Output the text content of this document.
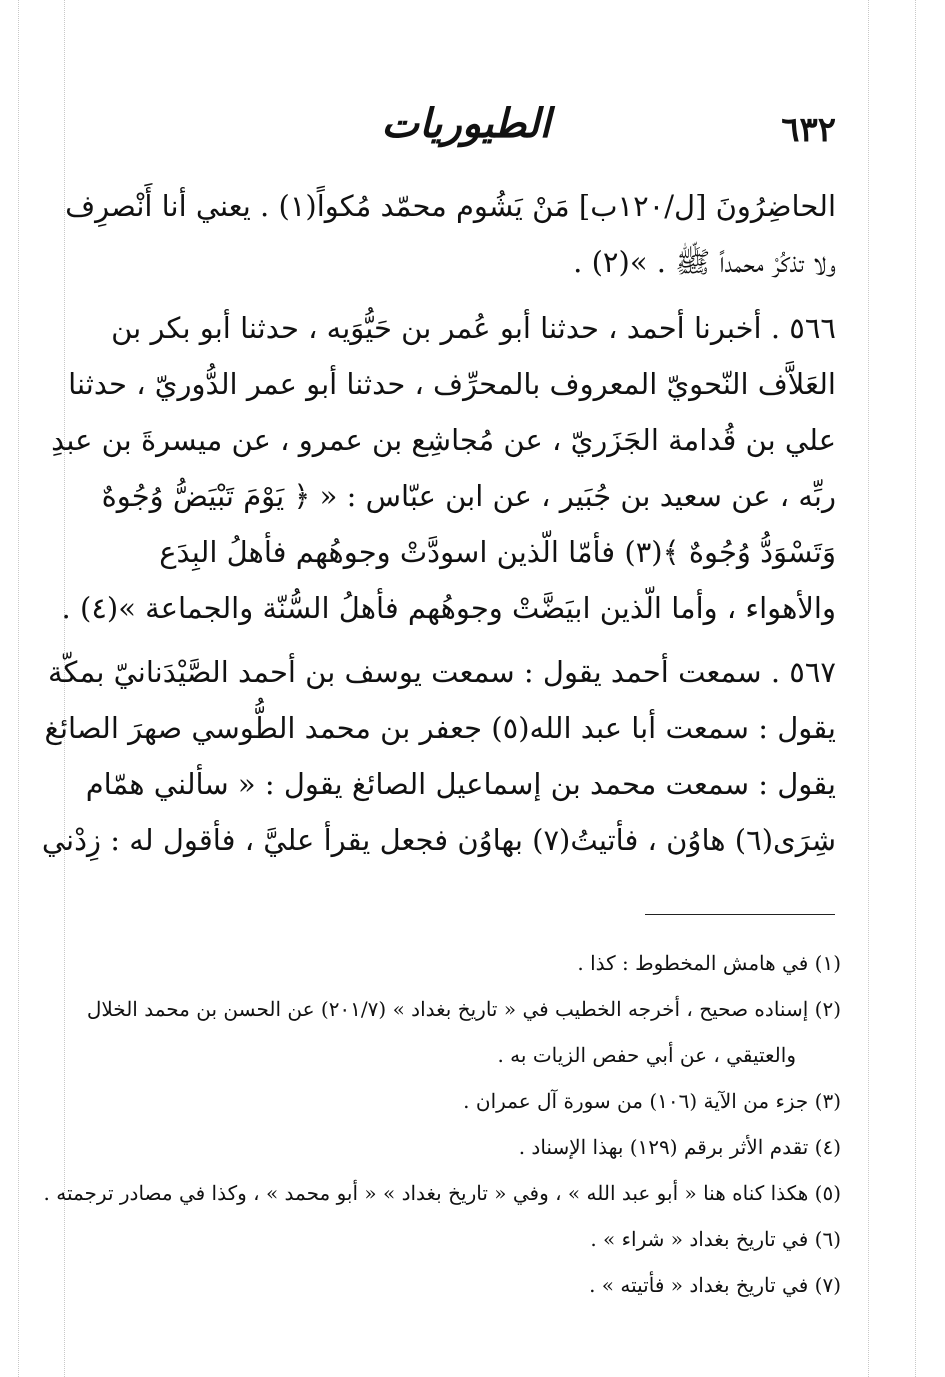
الطيوريات	٦٣٢
الحاضِرُونَ [ل/١٢٠ب] مَنْ يَشُوم محمّد مُكواً(١) . يعني أنا أَنْصرِف
ولا تذكُرْ محمداً ﷺ . »(٢) .
٥٦٦ . أخبرنا أحمد ، حدثنا أبو عُمر بن حَيُّوَيه ، حدثنا أبو بكر بن
العَلاَّف النّحويّ المعروف بالمحرِّف ، حدثنا أبو عمر الدُّوريّ ، حدثنا
علي بن قُدامة الجَزَريّ ، عن مُجاشِع بن عمرو ، عن ميسرةَ بن عبدِ
ربِّه ، عن سعيد بن جُبَير ، عن ابن عبّاس : « ﴿ يَوْمَ تَبْيَضُّ وُجُوهٌ
وَتَسْوَدُّ وُجُوهٌ ﴾(٣) فأمّا الّذين اسودَّتْ وجوهُهم فأهلُ البِدَع
والأهواء ، وأما الّذين ابيَضَّتْ وجوهُهم فأهلُ السُّنّة والجماعة »(٤) .
٥٦٧ . سمعت أحمد يقول : سمعت يوسف بن أحمد الصَّيْدَنانيّ بمكّة
يقول : سمعت أبا عبد الله(٥) جعفر بن محمد الطُّوسي صهرَ الصائغ
يقول : سمعت محمد بن إسماعيل الصائغ يقول : « سألني همّام
شِرَى(٦) هاوُن ، فأتيتُ(٧) بهاوُن فجعل يقرأ عليَّ ، فأقول له : زِدْني
(١) في هامش المخطوط : كذا .
(٢) إسناده صحيح ، أخرجه الخطيب في « تاريخ بغداد » (٢٠١/٧) عن الحسن بن محمد الخلال
والعتيقي ، عن أبي حفص الزيات به .
(٣) جزء من الآية (١٠٦) من سورة آل عمران .
(٤) تقدم الأثر برقم (١٢٩) بهذا الإسناد .
(٥) هكذا كناه هنا « أبو عبد الله » ، وفي « تاريخ بغداد » « أبو محمد » ، وكذا في مصادر ترجمته .
(٦) في تاريخ بغداد « شراء » .
(٧) في تاريخ بغداد « فأتيته » .
